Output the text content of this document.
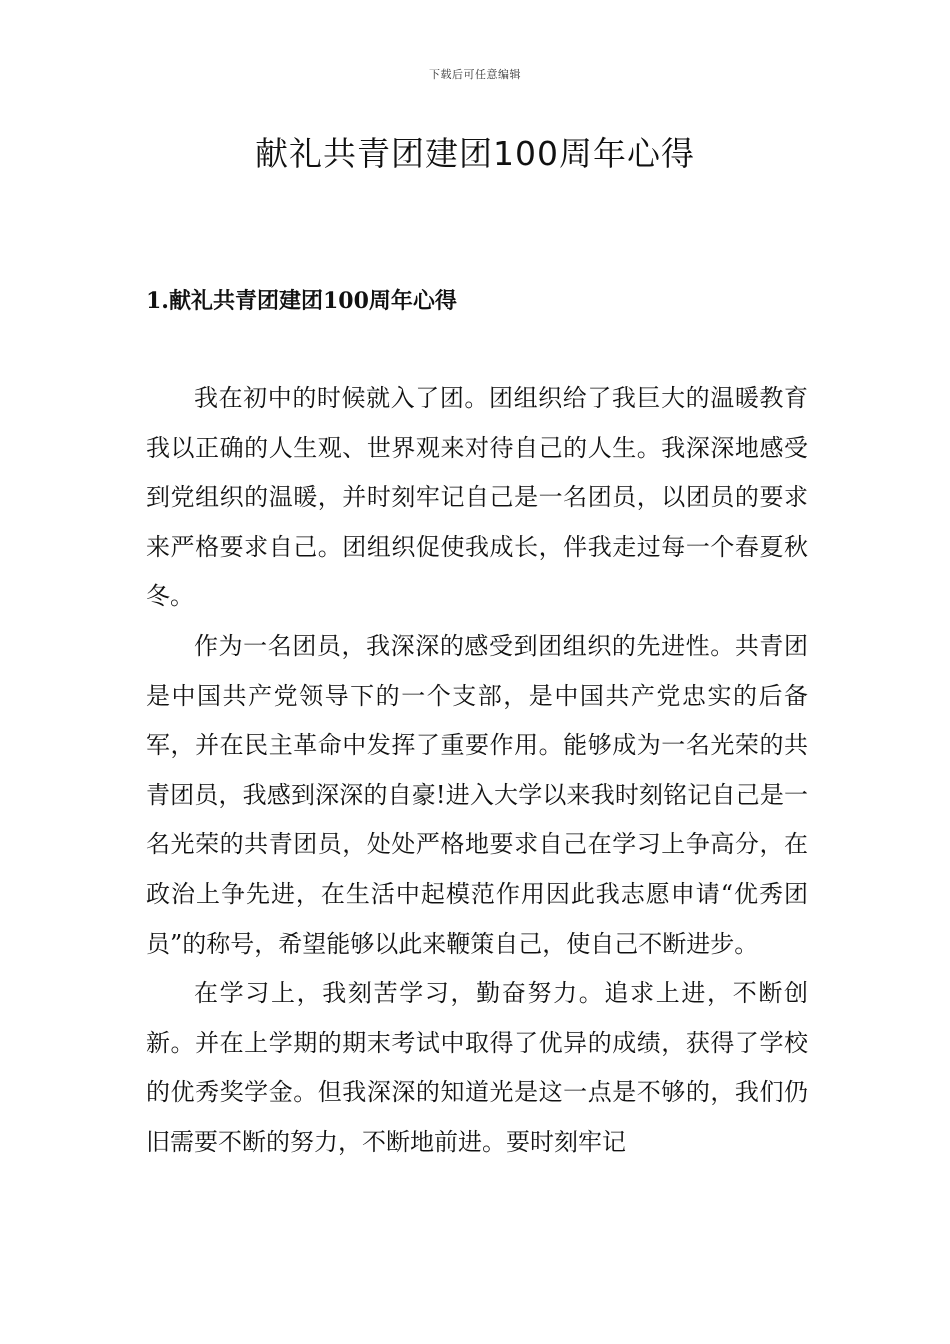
下载后可任意编辑
献礼共青团建团100周年心得
1.献礼共青团建团100周年心得

我在初中的时候就入了团。团组织给了我巨大的温暖教育我以正确的人生观、世界观来对待自己的人生。我深深地感受到党组织的温暖，并时刻牢记自己是一名团员，以团员的要求来严格要求自己。团组织促使我成长，伴我走过每一个春夏秋冬。

作为一名团员，我深深的感受到团组织的先进性。共青团是中国共产党领导下的一个支部，是中国共产党忠实的后备军，并在民主革命中发挥了重要作用。能够成为一名光荣的共青团员，我感到深深的自豪!进入大学以来我时刻铭记自己是一名光荣的共青团员，处处严格地要求自己在学习上争高分，在政治上争先进，在生活中起模范作用因此我志愿申请“优秀团员”的称号，希望能够以此来鞭策自己，使自己不断进步。

在学习上，我刻苦学习，勤奋努力。追求上进，不断创新。并在上学期的期末考试中取得了优异的成绩，获得了学校的优秀奖学金。但我深深的知道光是这一点是不够的，我们仍旧需要不断的努力，不断地前进。要时刻牢记
